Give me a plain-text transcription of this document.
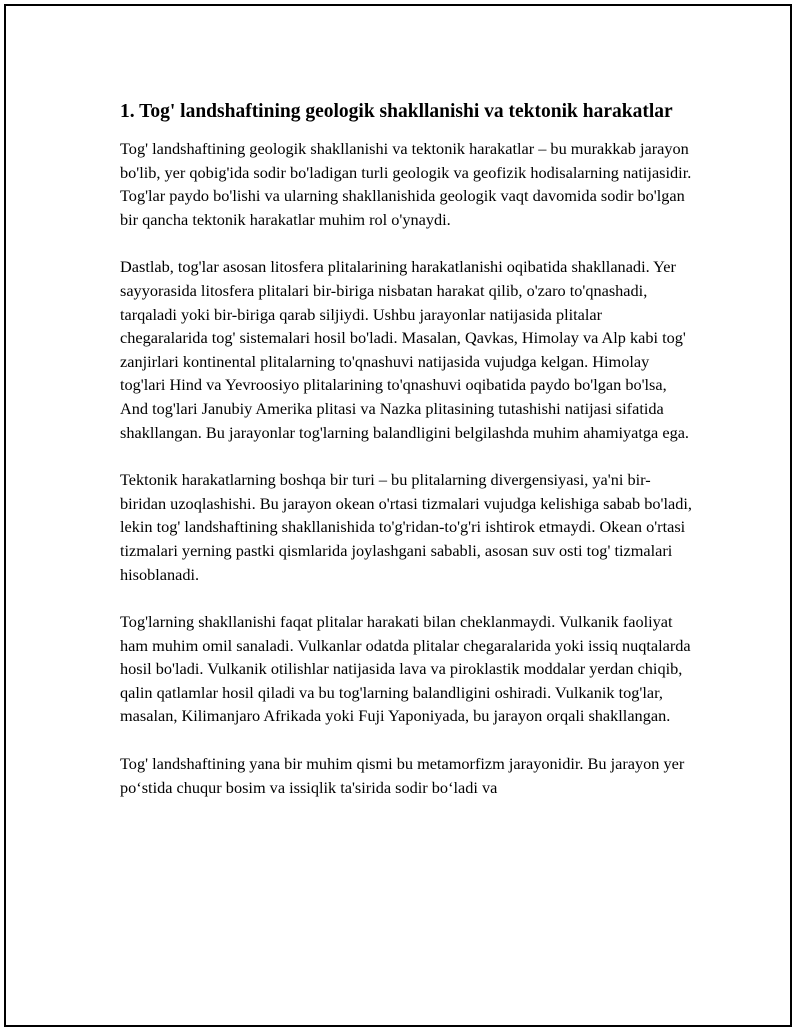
1. Tog' landshaftining geologik shakllanishi va tektonik harakatlar

Tog' landshaftining geologik shakllanishi va tektonik harakatlar – bu murakkab jarayon bo'lib, yer qobig'ida sodir bo'ladigan turli geologik va geofizik hodisalarning natijasidir. Tog'lar paydo bo'lishi va ularning shakllanishida geologik vaqt davomida sodir bo'lgan bir qancha tektonik harakatlar muhim rol o'ynaydi.

Dastlab, tog'lar asosan litosfera plitalarining harakatlanishi oqibatida shakllanadi. Yer sayyorasida litosfera plitalari bir-biriga nisbatan harakat qilib, o'zaro to'qnashadi, tarqaladi yoki bir-biriga qarab siljiydi. Ushbu jarayonlar natijasida plitalar chegaralarida tog' sistemalari hosil bo'ladi. Masalan, Qavkas, Himolay va Alp kabi tog' zanjirlari kontinental plitalarning to'qnashuvi natijasida vujudga kelgan. Himolay tog'lari Hind va Yevroosiyo plitalarining to'qnashuvi oqibatida paydo bo'lgan bo'lsa, And tog'lari Janubiy Amerika plitasi va Nazka plitasining tutashishi natijasi sifatida shakllangan. Bu jarayonlar tog'larning balandligini belgilashda muhim ahamiyatga ega.

Tektonik harakatlarning boshqa bir turi – bu plitalarning divergensiyasi, ya'ni bir-biridan uzoqlashishi. Bu jarayon okean o'rtasi tizmalari vujudga kelishiga sabab bo'ladi, lekin tog' landshaftining shakllanishida to'g'ridan-to'g'ri ishtirok etmaydi. Okean o'rtasi tizmalari yerning pastki qismlarida joylashgani sababli, asosan suv osti tog' tizmalari hisoblanadi.

Tog'larning shakllanishi faqat plitalar harakati bilan cheklanmaydi. Vulkanik faoliyat ham muhim omil sanaladi. Vulkanlar odatda plitalar chegaralarida yoki issiq nuqtalarda hosil bo'ladi. Vulkanik otilishlar natijasida lava va piroklastik moddalar yerdan chiqib, qalin qatlamlar hosil qiladi va bu tog'larning balandligini oshiradi. Vulkanik tog'lar, masalan, Kilimanjaro Afrikada yoki Fuji Yaponiyada, bu jarayon orqali shakllangan.

Tog' landshaftining yana bir muhim qismi bu metamorfizm jarayonidir. Bu jarayon yer po‘stida chuqur bosim va issiqlik ta'sirida sodir bo‘ladi va
